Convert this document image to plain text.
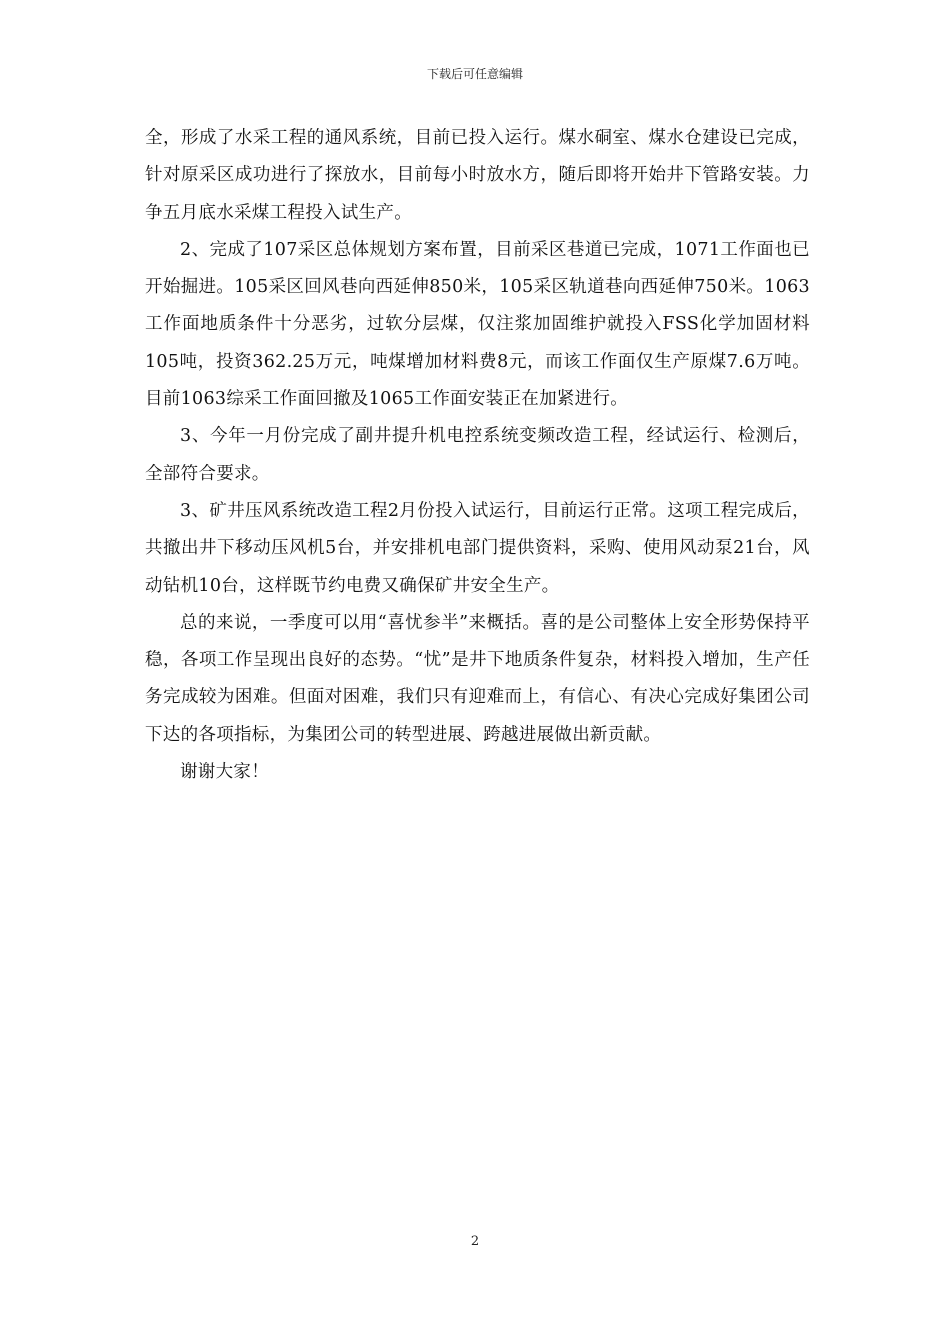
下载后可任意编辑

全，形成了水采工程的通风系统，目前已投入运行。煤水硐室、煤水仓建设已完成，针对原采区成功进行了探放水，目前每小时放水方，随后即将开始井下管路安装。力争五月底水采煤工程投入试生产。

2、完成了107采区总体规划方案布置，目前采区巷道已完成，1071工作面也已开始掘进。105采区回风巷向西延伸850米，105采区轨道巷向西延伸750米。1063工作面地质条件十分恶劣，过软分层煤，仅注浆加固维护就投入FSS化学加固材料105吨，投资362.25万元，吨煤增加材料费8元，而该工作面仅生产原煤7.6万吨。目前1063综采工作面回撤及1065工作面安装正在加紧进行。

3、今年一月份完成了副井提升机电控系统变频改造工程，经试运行、检测后，全部符合要求。

3、矿井压风系统改造工程2月份投入试运行，目前运行正常。这项工程完成后，共撤出井下移动压风机5台，并安排机电部门提供资料，采购、使用风动泵21台，风动钻机10台，这样既节约电费又确保矿井安全生产。

总的来说，一季度可以用“喜忧参半”来概括。喜的是公司整体上安全形势保持平稳，各项工作呈现出良好的态势。“忧”是井下地质条件复杂，材料投入增加，生产任务完成较为困难。但面对困难，我们只有迎难而上，有信心、有决心完成好集团公司下达的各项指标，为集团公司的转型进展、跨越进展做出新贡献。

谢谢大家！

2
